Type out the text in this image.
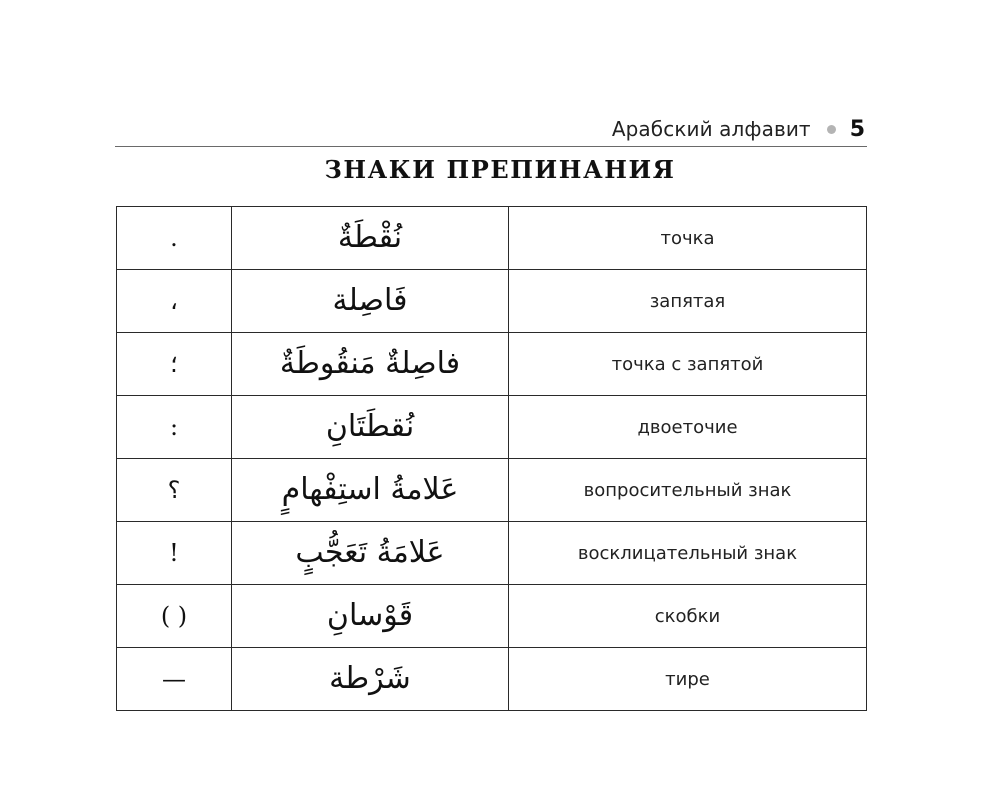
Арабский алфавит 5
ЗНАКИ ПРЕПИНАНИЯ
.	نُقْطَةٌ	точка
،	فَاصِلة	запятая
؛	فاصِلةٌ مَنقُوطَةٌ	точка с запятой
:	نُقطَتَانِ	двоеточие
؟	عَلامةُ استِفْهامٍ	вопросительный знак
!	عَلامَةُ تَعَجُّبٍ	восклицательный знак
( )	قَوْسانِ	скобки
—	شَرْطة	тире
